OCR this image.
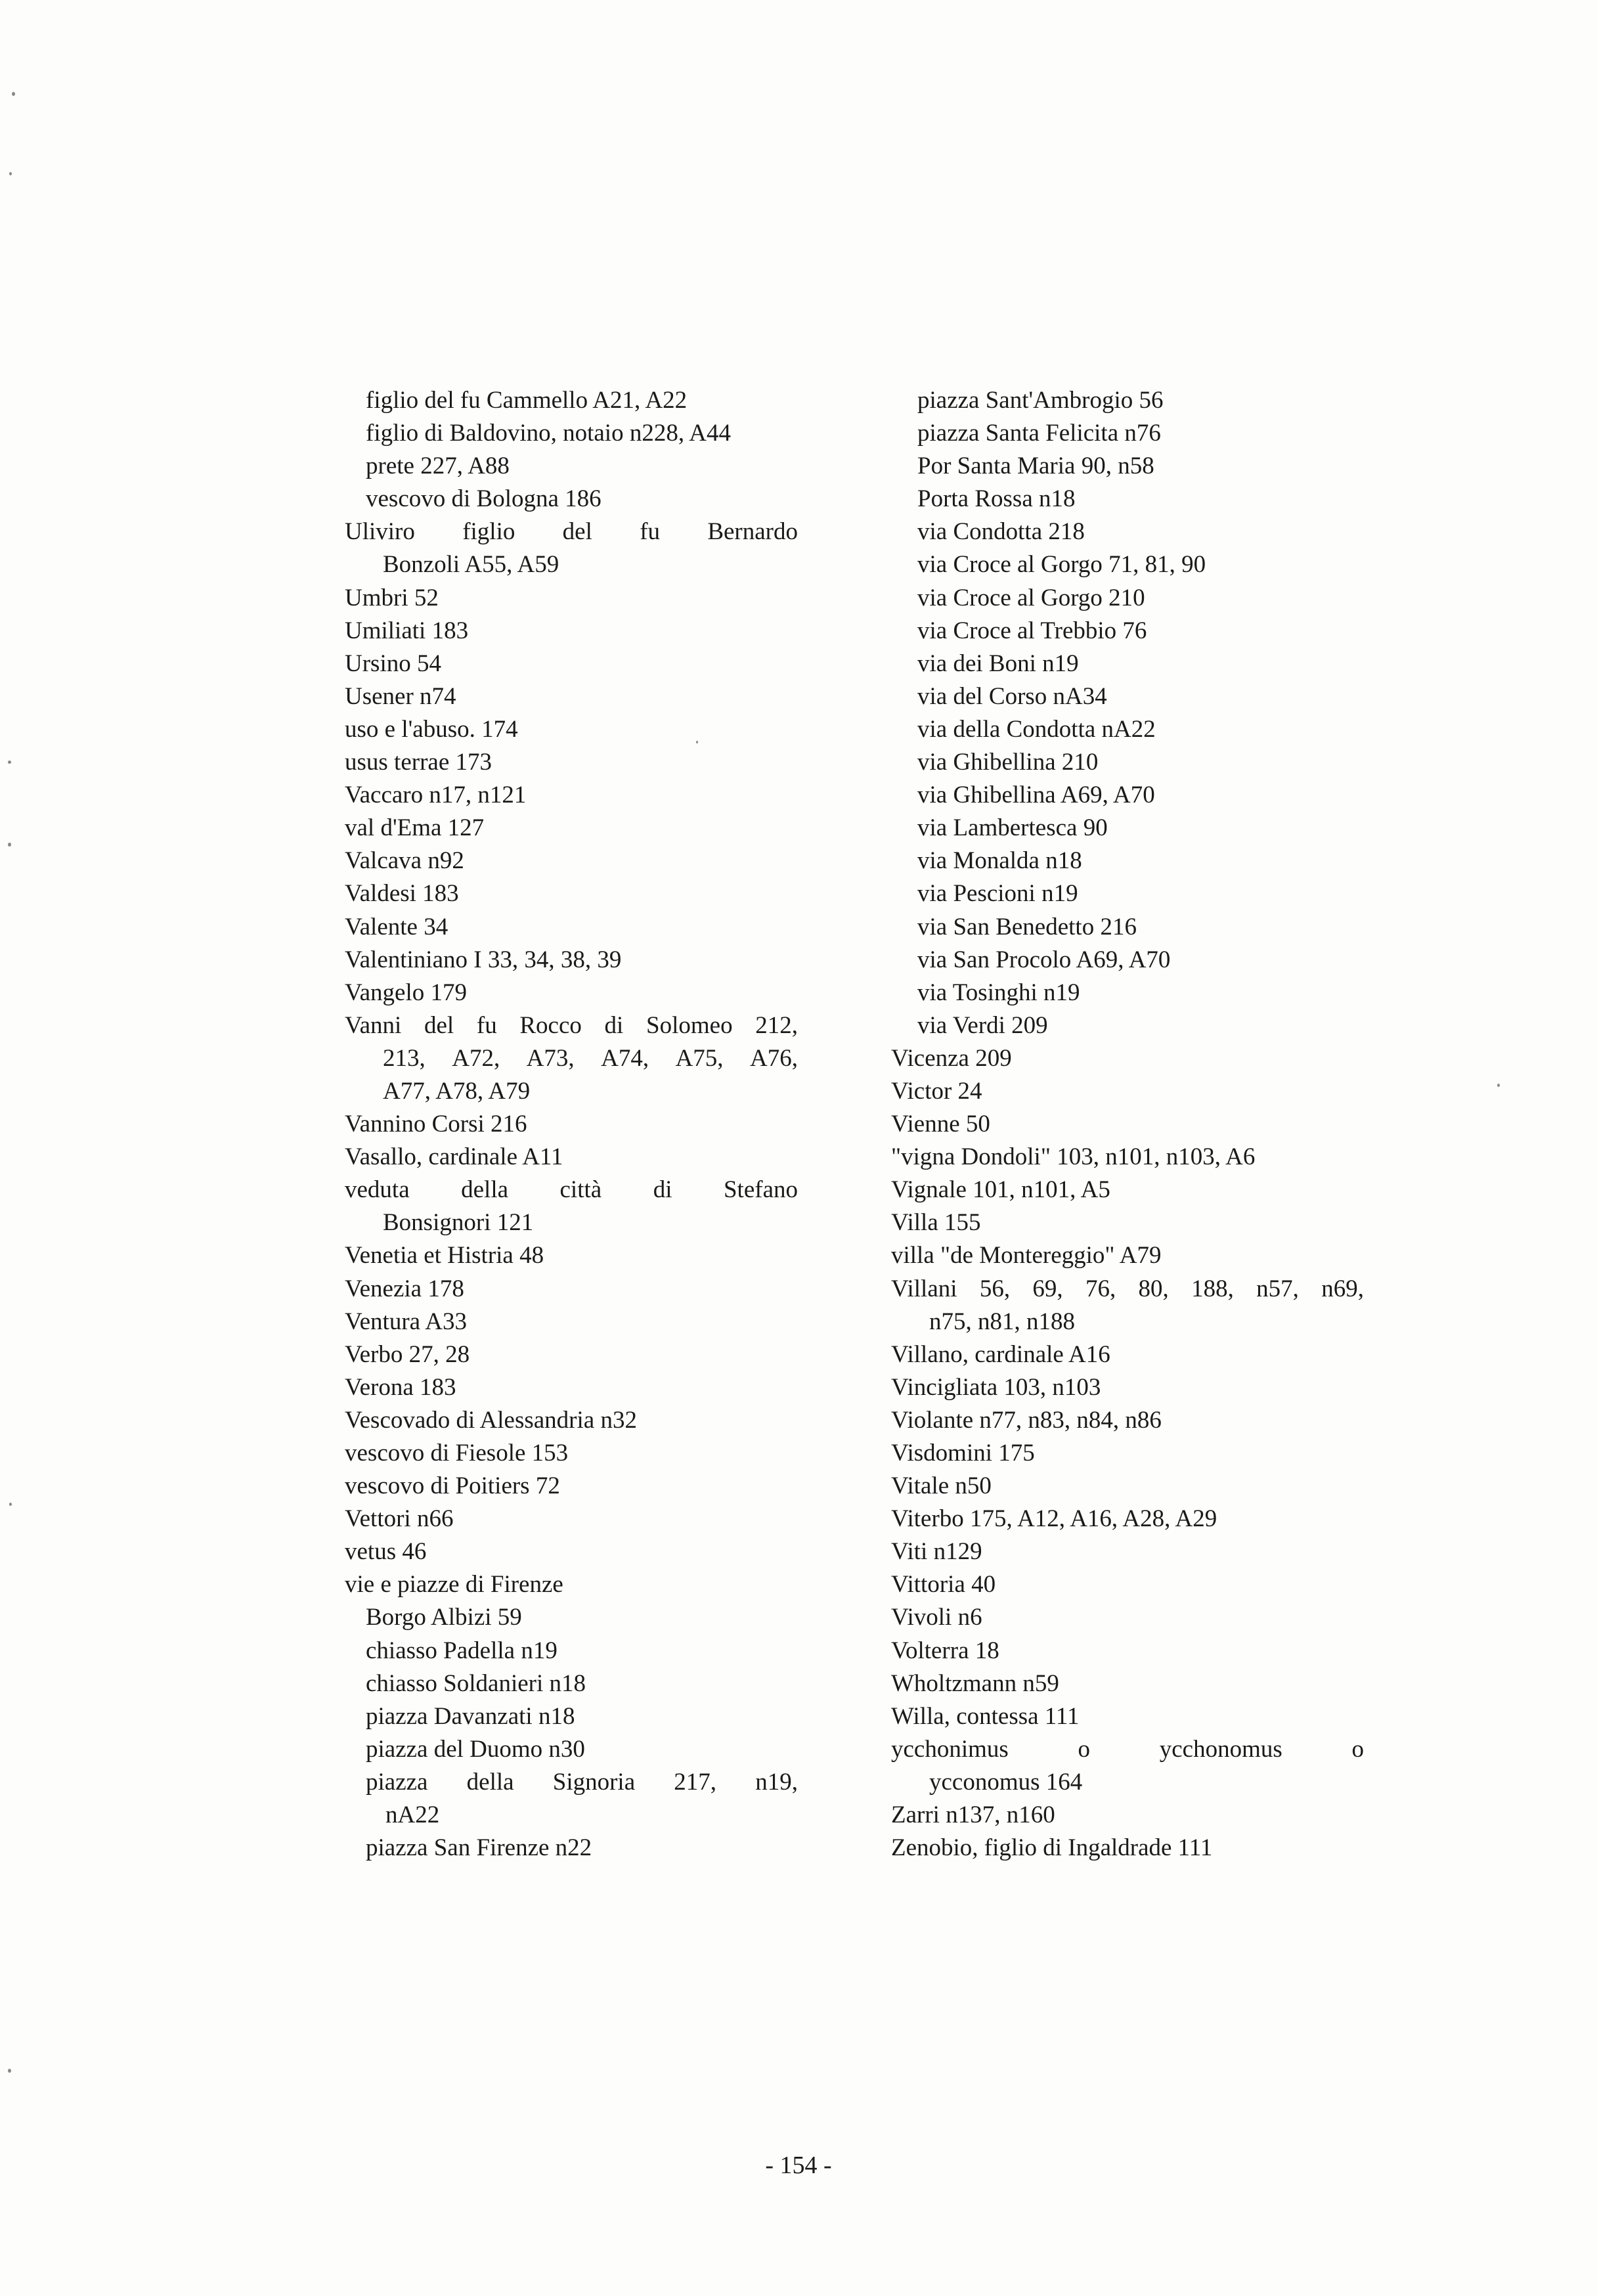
figlio del fu Cammello A21, A22
figlio di Baldovino, notaio n228, A44
prete 227, A88
vescovo di Bologna 186
Uliviro figlio del fu Bernardo
Bonzoli A55, A59
Umbri 52
Umiliati 183
Ursino 54
Usener n74
uso e l'abuso. 174
usus terrae 173
Vaccaro n17, n121
val d'Ema 127
Valcava n92
Valdesi 183
Valente 34
Valentiniano I 33, 34, 38, 39
Vangelo 179
Vanni del fu Rocco di Solomeo 212,
213, A72, A73, A74, A75, A76,
A77, A78, A79
Vannino Corsi 216
Vasallo, cardinale A11
veduta della città di Stefano
Bonsignori 121
Venetia et Histria 48
Venezia 178
Ventura A33
Verbo 27, 28
Verona 183
Vescovado di Alessandria n32
vescovo di Fiesole 153
vescovo di Poitiers 72
Vettori n66
vetus 46
vie e piazze di Firenze
Borgo Albizi 59
chiasso Padella n19
chiasso Soldanieri n18
piazza Davanzati n18
piazza del Duomo n30
piazza della Signoria 217, n19,
nA22
piazza San Firenze n22
piazza Sant'Ambrogio 56
piazza Santa Felicita n76
Por Santa Maria 90, n58
Porta Rossa n18
via Condotta 218
via Croce al Gorgo 71, 81, 90
via Croce al Gorgo 210
via Croce al Trebbio 76
via dei Boni n19
via del Corso nA34
via della Condotta nA22
via Ghibellina 210
via Ghibellina A69, A70
via Lambertesca 90
via Monalda n18
via Pescioni n19
via San Benedetto 216
via San Procolo A69, A70
via Tosinghi n19
via Verdi 209
Vicenza 209
Victor 24
Vienne 50
"vigna Dondoli" 103, n101, n103, A6
Vignale 101, n101, A5
Villa 155
villa "de Montereggio" A79
Villani 56, 69, 76, 80, 188, n57, n69,
n75, n81, n188
Villano, cardinale A16
Vincigliata 103, n103
Violante n77, n83, n84, n86
Visdomini 175
Vitale n50
Viterbo 175, A12, A16, A28, A29
Viti n129
Vittoria 40
Vivoli n6
Volterra 18
Wholtzmann n59
Willa, contessa 111
ycchonimus o ycchonomus o
ycconomus 164
Zarri n137, n160
Zenobio, figlio di Ingaldrade 111
- 154 -
